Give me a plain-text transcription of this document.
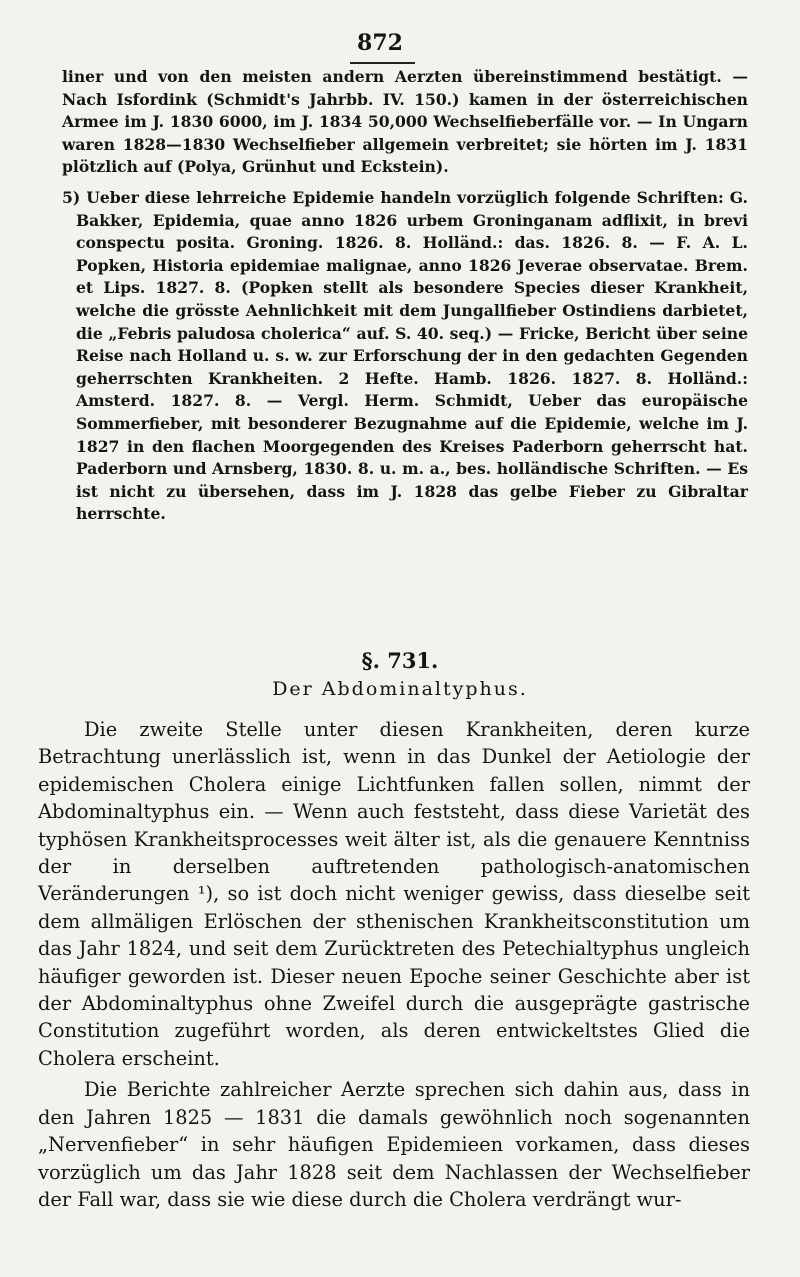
872

liner und von den meisten andern Aerzten übereinstimmend bestätigt. — Nach Isfordink (Schmidt's Jahrbb. IV. 150.) kamen in der österreichischen Armee im J. 1830 6000, im J. 1834 50,000 Wechselfieberfälle vor. — In Ungarn waren 1828—1830 Wechselfieber allgemein verbreitet; sie hörten im J. 1831 plötzlich auf (Polya, Grünhut und Eckstein).

5) Ueber diese lehrreiche Epidemie handeln vorzüglich folgende Schriften: G. Bakker, Epidemia, quae anno 1826 urbem Groninganam adflixit, in brevi conspectu posita. Groning. 1826. 8. Holländ.: das. 1826. 8. — F. A. L. Popken, Historia epidemiae malignae, anno 1826 Jeverae observatae. Brem. et Lips. 1827. 8. (Popken stellt als besondere Species dieser Krankheit, welche die grösste Aehnlichkeit mit dem Jungallfieber Ostindiens darbietet, die „Febris paludosa cholerica“ auf. S. 40. seq.) — Fricke, Bericht über seine Reise nach Holland u. s. w. zur Erforschung der in den gedachten Gegenden geherrschten Krankheiten. 2 Hefte. Hamb. 1826. 1827. 8. Holländ.: Amsterd. 1827. 8. — Vergl. Herm. Schmidt, Ueber das europäische Sommerfieber, mit besonderer Bezugnahme auf die Epidemie, welche im J. 1827 in den flachen Moorgegenden des Kreises Paderborn geherrscht hat. Paderborn und Arnsberg, 1830. 8. u. m. a., bes. holländische Schriften. — Es ist nicht zu übersehen, dass im J. 1828 das gelbe Fieber zu Gibraltar herrschte.

§. 731.
Der Abdominaltyphus.

Die zweite Stelle unter diesen Krankheiten, deren kurze Betrachtung unerlässlich ist, wenn in das Dunkel der Aetiologie der epidemischen Cholera einige Lichtfunken fallen sollen, nimmt der Abdominaltyphus ein. — Wenn auch feststeht, dass diese Varietät des typhösen Krankheitsprocesses weit älter ist, als die genauere Kenntniss der in derselben auftretenden pathologisch-anatomischen Veränderungen ¹), so ist doch nicht weniger gewiss, dass dieselbe seit dem allmäligen Erlöschen der sthenischen Krankheitsconstitution um das Jahr 1824, und seit dem Zurücktreten des Petechialtyphus ungleich häufiger geworden ist. Dieser neuen Epoche seiner Geschichte aber ist der Abdominaltyphus ohne Zweifel durch die ausgeprägte gastrische Constitution zugeführt worden, als deren entwickeltstes Glied die Cholera erscheint.

Die Berichte zahlreicher Aerzte sprechen sich dahin aus, dass in den Jahren 1825 — 1831 die damals gewöhnlich noch sogenannten „Nervenfieber“ in sehr häufigen Epidemieen vorkamen, dass dieses vorzüglich um das Jahr 1828 seit dem Nachlassen der Wechselfieber der Fall war, dass sie wie diese durch die Cholera verdrängt wur-
